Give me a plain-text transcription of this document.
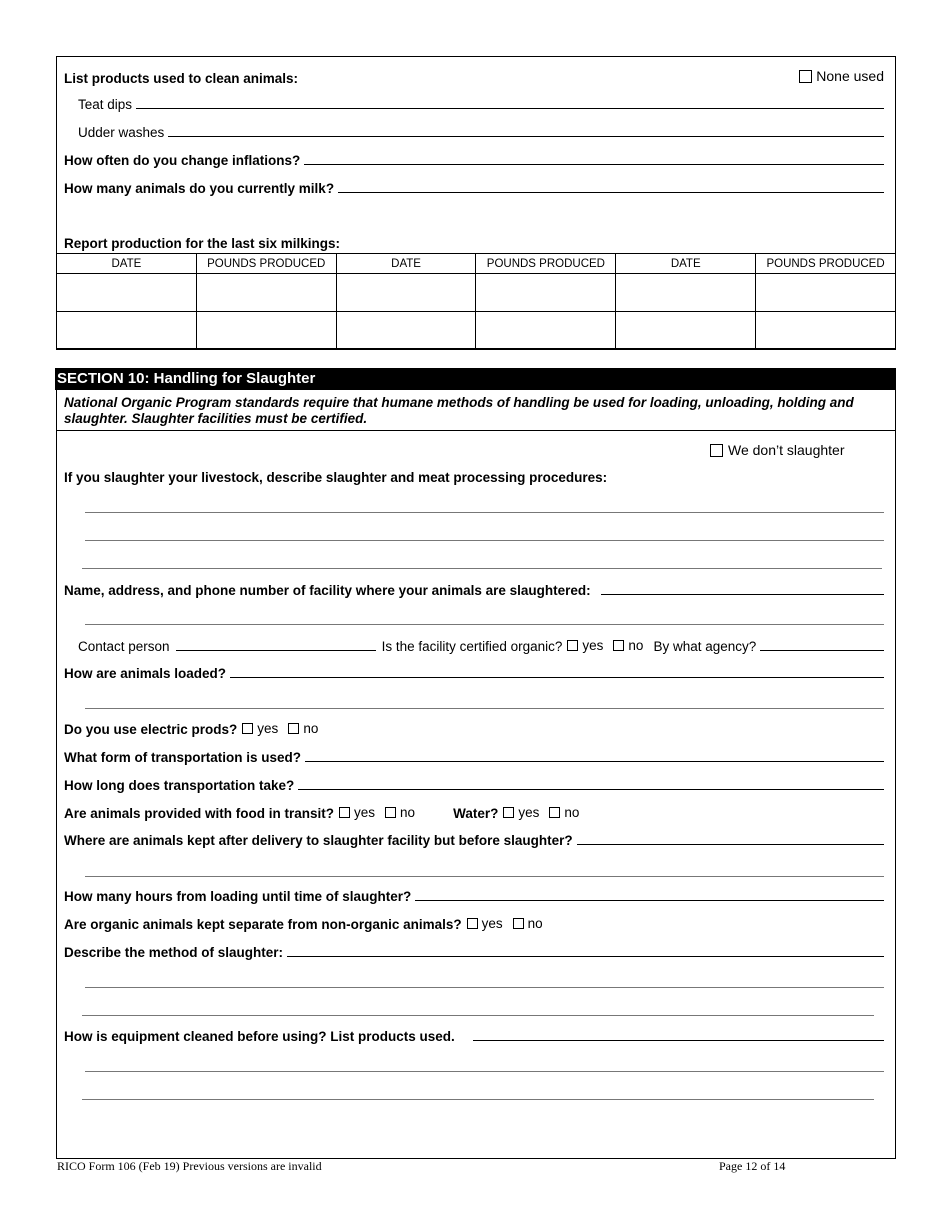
List products used to clean animals:	None used
Teat dips
Udder washes
How often do you change inflations?
How many animals do you currently milk?
Report production for the last six milkings:
DATE	POUNDS PRODUCED	DATE	POUNDS PRODUCED	DATE	POUNDS PRODUCED

SECTION 10: Handling for Slaughter
National Organic Program standards require that humane methods of handling be used for loading, unloading, holding and slaughter. Slaughter facilities must be certified.
We don’t slaughter
If you slaughter your livestock, describe slaughter and meat processing procedures:
Name, address, and phone number of facility where your animals are slaughtered:
Contact person	Is the facility certified organic? yes no By what agency?
How are animals loaded?
Do you use electric prods? yes no
What form of transportation is used?
How long does transportation take?
Are animals provided with food in transit? yes no	Water? yes no
Where are animals kept after delivery to slaughter facility but before slaughter?
How many hours from loading until time of slaughter?
Are organic animals kept separate from non-organic animals? yes no
Describe the method of slaughter:
How is equipment cleaned before using? List products used.
RICO Form 106 (Feb 19) Previous versions are invalid	Page 12 of 14
